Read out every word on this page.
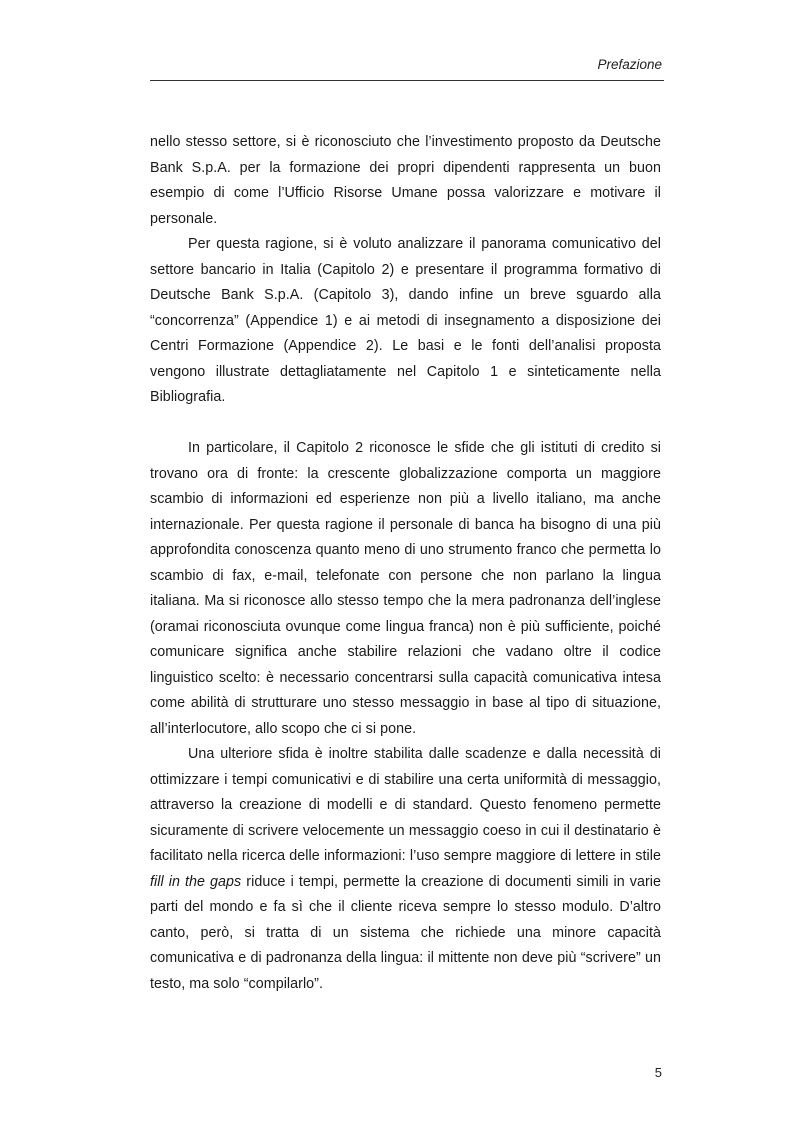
Prefazione

nello stesso settore, si è riconosciuto che l’investimento proposto da Deutsche Bank S.p.A. per la formazione dei propri dipendenti rappresenta un buon esempio di come l’Ufficio Risorse Umane possa valorizzare e motivare il personale.

Per questa ragione, si è voluto analizzare il panorama comunicativo del settore bancario in Italia (Capitolo 2) e presentare il programma formativo di Deutsche Bank S.p.A. (Capitolo 3), dando infine un breve sguardo alla “concorrenza” (Appendice 1) e ai metodi di insegnamento a disposizione dei Centri Formazione (Appendice 2). Le basi e le fonti dell’analisi proposta vengono illustrate dettagliatamente nel Capitolo 1 e sinteticamente nella Bibliografia.

In particolare, il Capitolo 2 riconosce le sfide che gli istituti di credito si trovano ora di fronte: la crescente globalizzazione comporta un maggiore scambio di informazioni ed esperienze non più a livello italiano, ma anche internazionale. Per questa ragione il personale di banca ha bisogno di una più approfondita conoscenza quanto meno di uno strumento franco che permetta lo scambio di fax, e-mail, telefonate con persone che non parlano la lingua italiana. Ma si riconosce allo stesso tempo che la mera padronanza dell’inglese (oramai riconosciuta ovunque come lingua franca) non è più sufficiente, poiché comunicare significa anche stabilire relazioni che vadano oltre il codice linguistico scelto: è necessario concentrarsi sulla capacità comunicativa intesa come abilità di strutturare uno stesso messaggio in base al tipo di situazione, all’interlocutore, allo scopo che ci si pone.

Una ulteriore sfida è inoltre stabilita dalle scadenze e dalla necessità di ottimizzare i tempi comunicativi e di stabilire una certa uniformità di messaggio, attraverso la creazione di modelli e di standard. Questo fenomeno permette sicuramente di scrivere velocemente un messaggio coeso in cui il destinatario è facilitato nella ricerca delle informazioni: l’uso sempre maggiore di lettere in stile fill in the gaps riduce i tempi, permette la creazione di documenti simili in varie parti del mondo e fa sì che il cliente riceva sempre lo stesso modulo. D’altro canto, però, si tratta di un sistema che richiede una minore capacità comunicativa e di padronanza della lingua: il mittente non deve più “scrivere” un testo, ma solo “compilarlo”.

5
